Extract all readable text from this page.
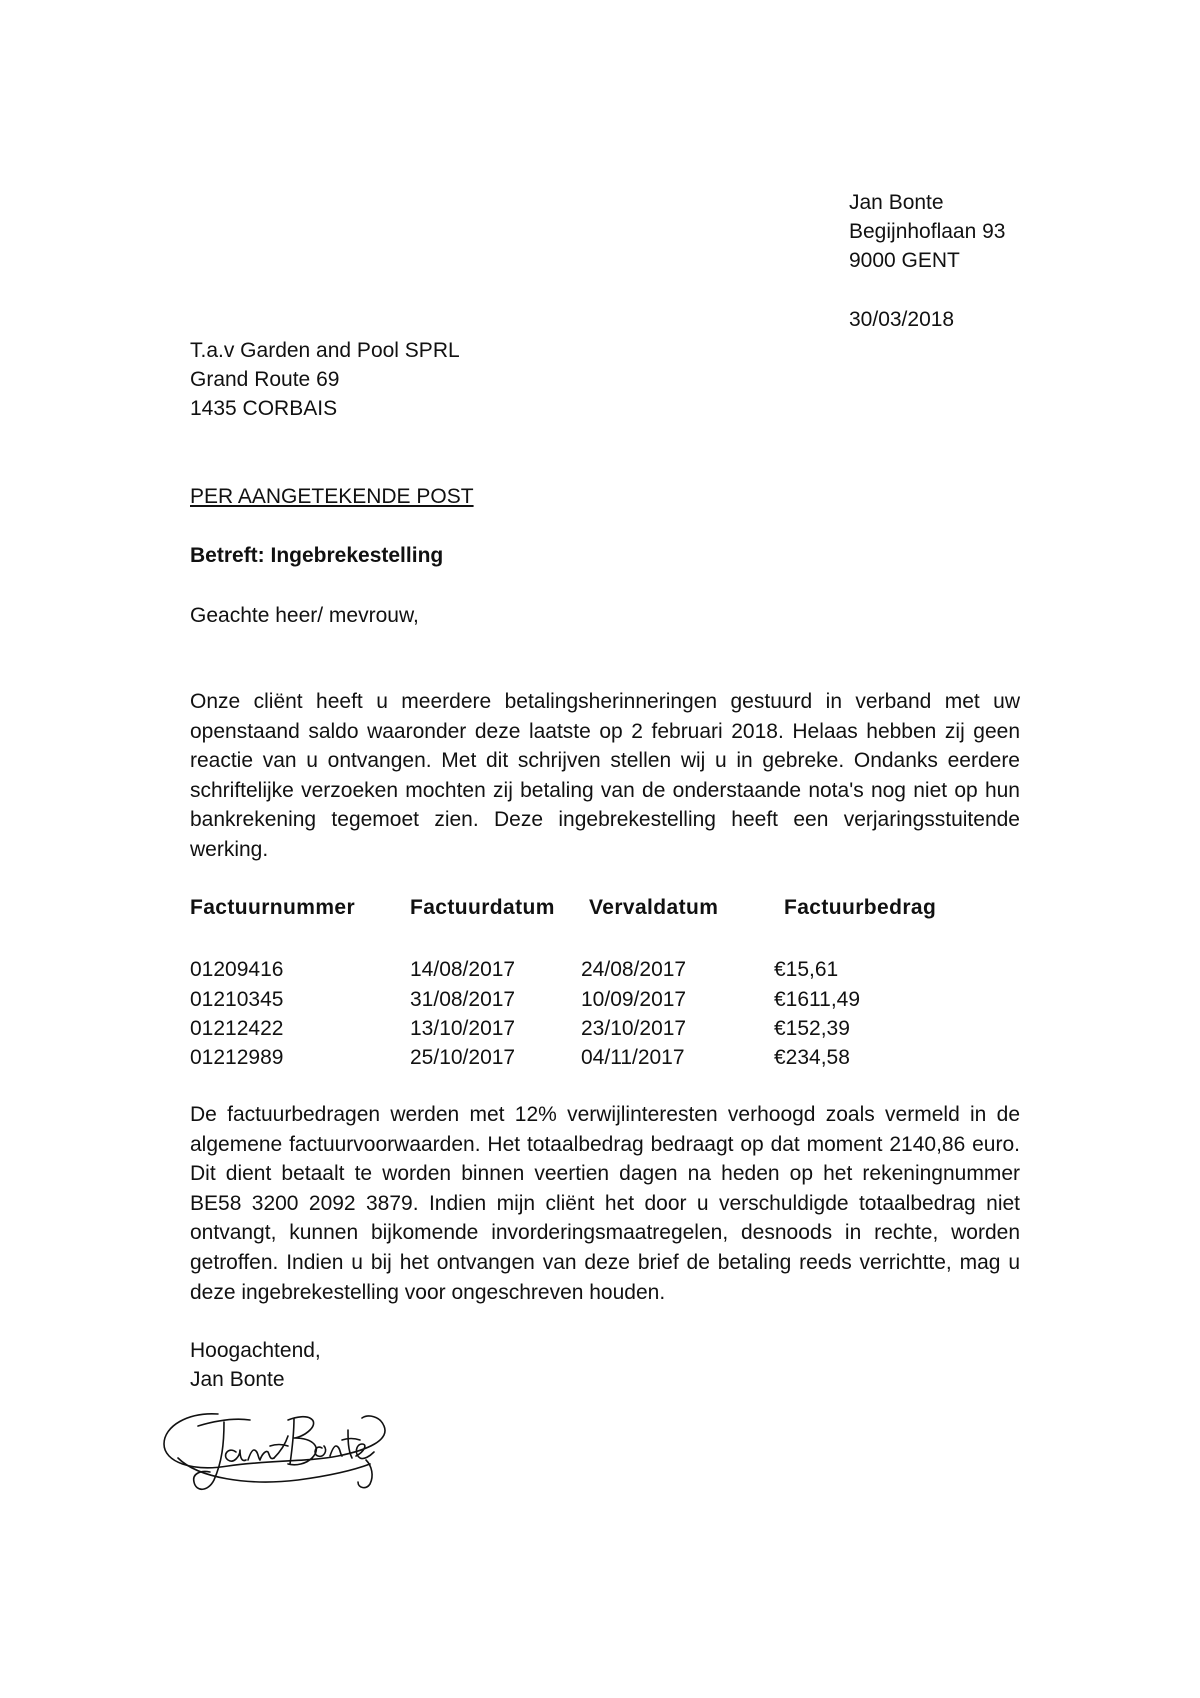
Jan Bonte
Begijnhoflaan 93
9000 GENT
30/03/2018
T.a.v Garden and Pool SPRL
Grand Route 69
1435 CORBAIS
PER AANGETEKENDE POST
Betreft: Ingebrekestelling
Geachte heer/ mevrouw,
Onze cliënt heeft u meerdere betalingsherinneringen gestuurd in verband met uw openstaand saldo waaronder deze laatste op 2 februari 2018. Helaas hebben zij geen reactie van u ontvangen. Met dit schrijven stellen wij u in gebreke. Ondanks eerdere schriftelijke verzoeken mochten zij betaling van de onderstaande nota's nog niet op hun bankrekening tegemoet zien. Deze ingebrekestelling heeft een verjaringsstuitende werking.
Factuurnummer	Factuurdatum Vervaldatum	Factuurbedrag
01209416	14/08/2017	24/08/2017	€15,61
01210345	31/08/2017	10/09/2017	€1611,49
01212422	13/10/2017	23/10/2017	€152,39
01212989	25/10/2017	04/11/2017	€234,58
De factuurbedragen werden met 12% verwijlinteresten verhoogd zoals vermeld in de algemene factuurvoorwaarden. Het totaalbedrag bedraagt op dat moment 2140,86 euro. Dit dient betaalt te worden binnen veertien dagen na heden op het rekeningnummer BE58 3200 2092 3879. Indien mijn cliënt het door u verschuldigde totaalbedrag niet ontvangt, kunnen bijkomende invorderingsmaatregelen, desnoods in rechte, worden getroffen. Indien u bij het ontvangen van deze brief de betaling reeds verrichtte, mag u deze ingebrekestelling voor ongeschreven houden.
Hoogachtend,
Jan Bonte
